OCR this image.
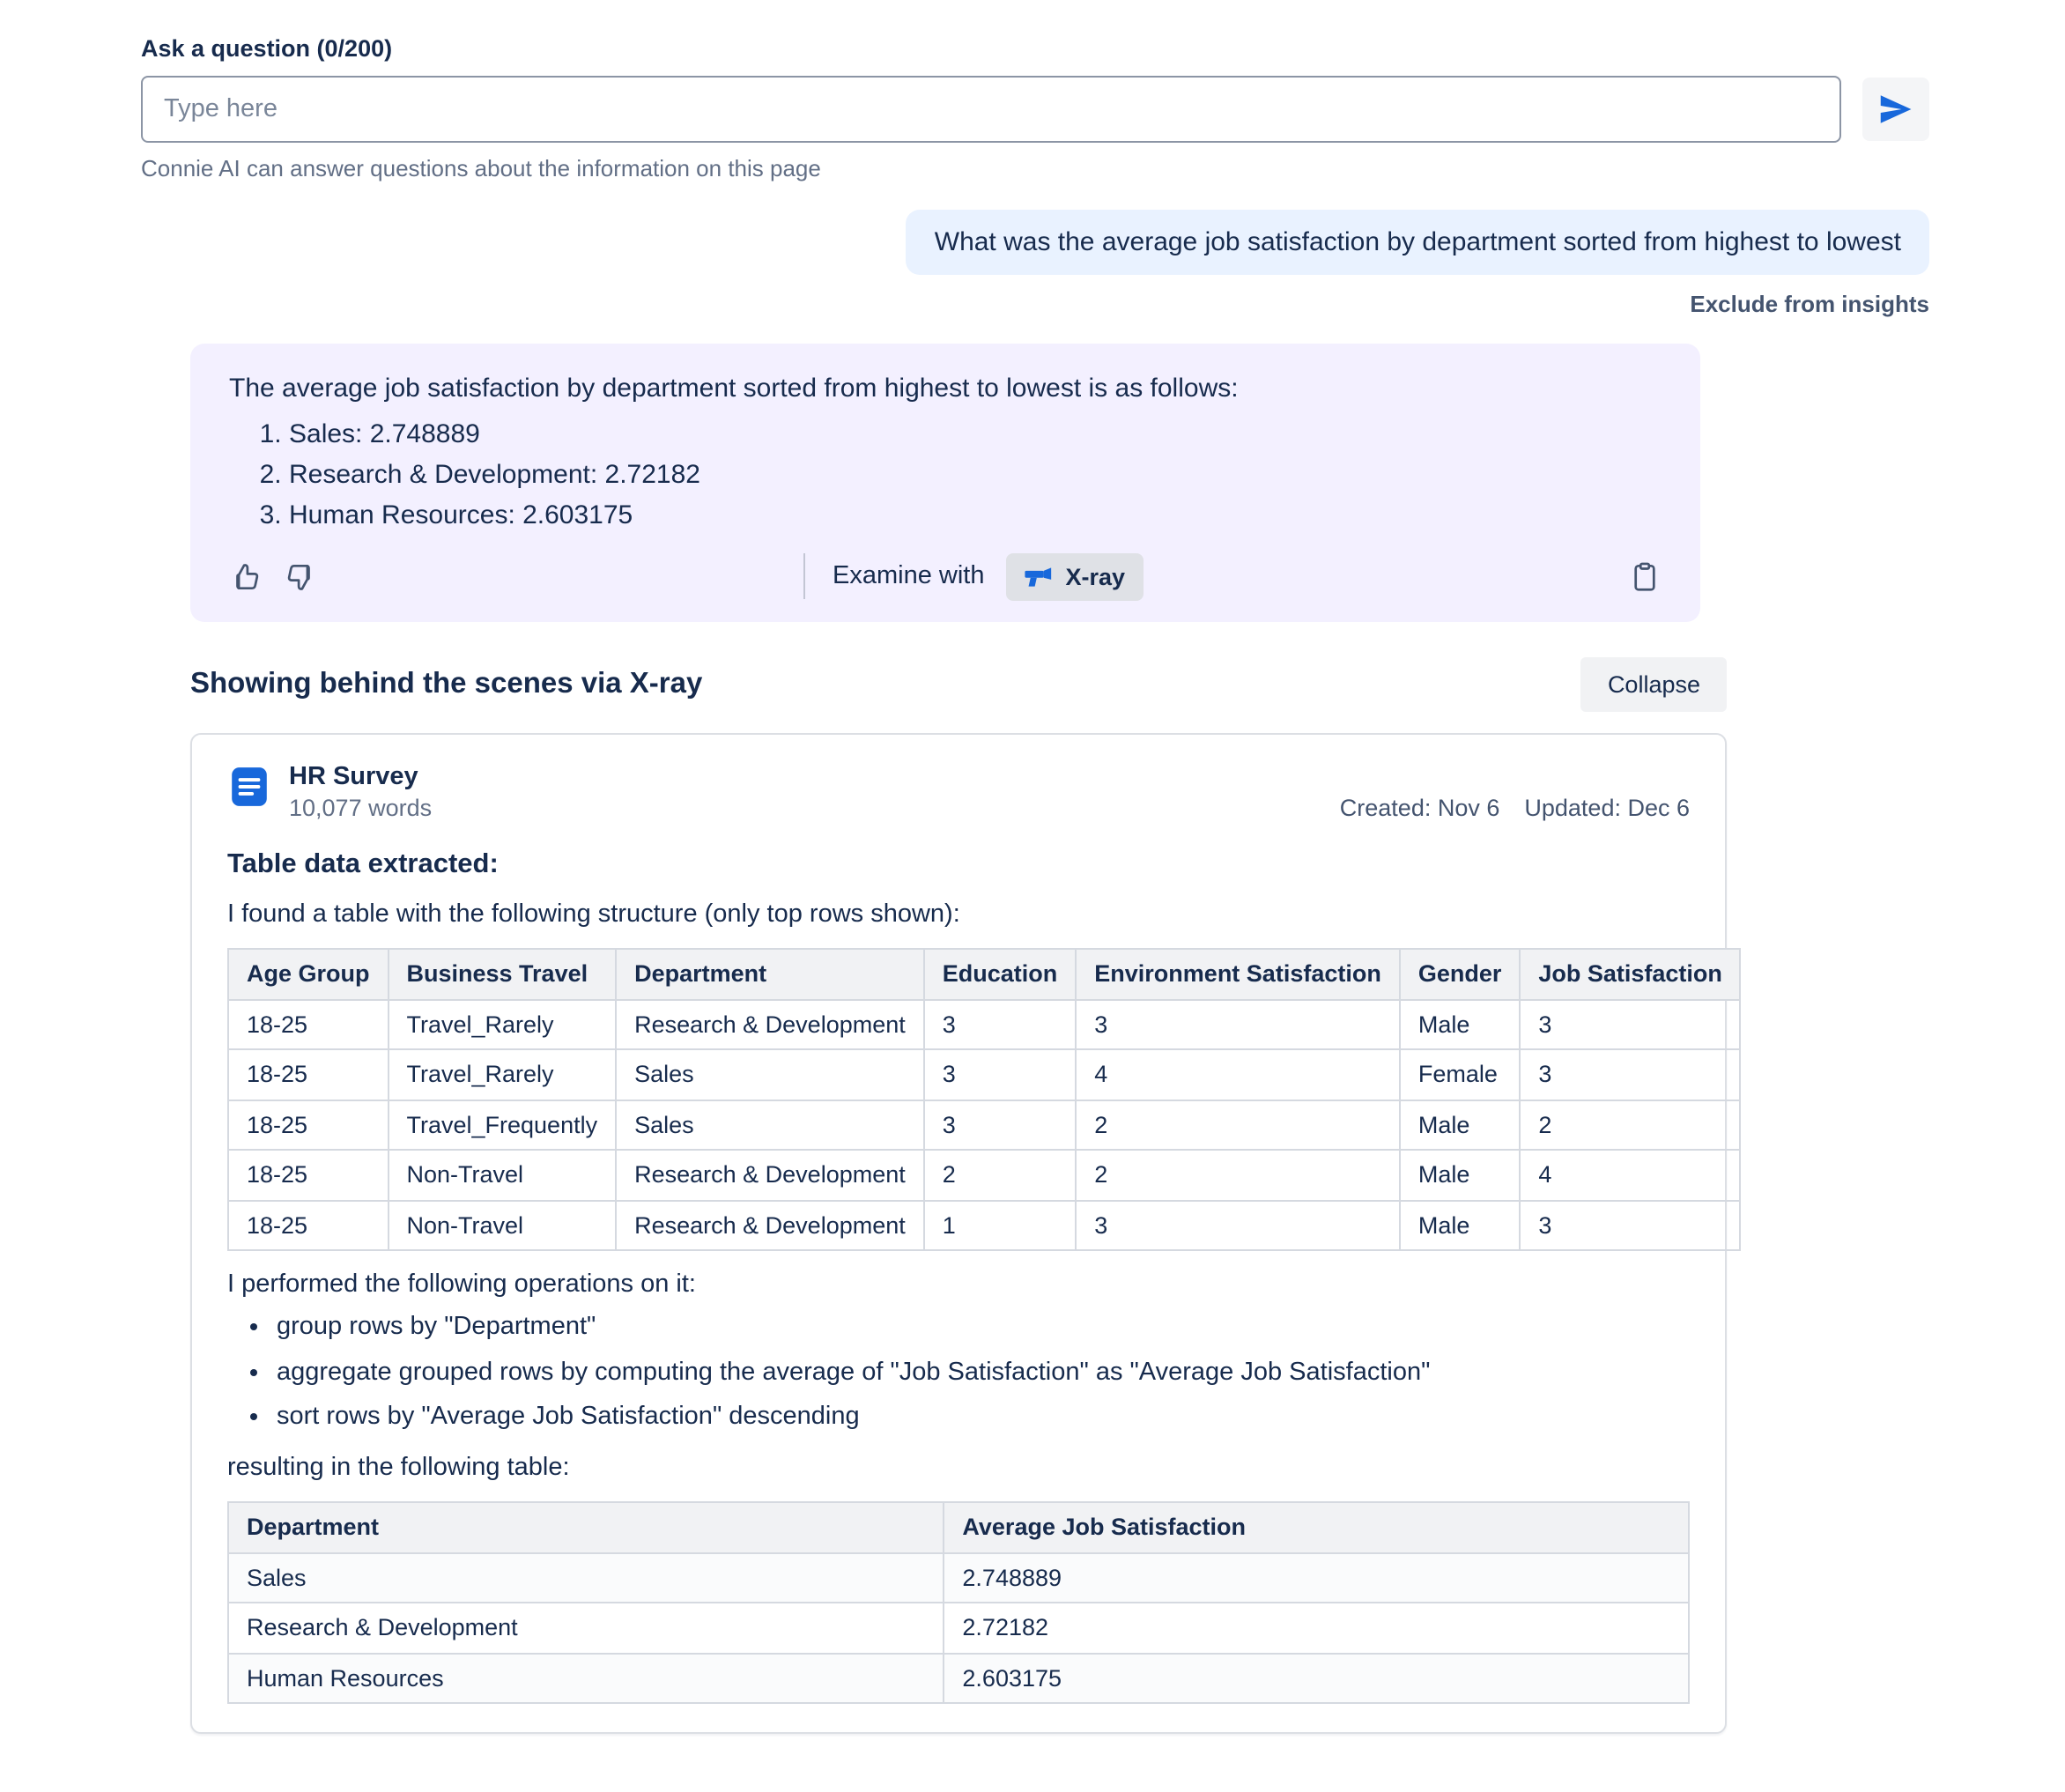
Ask a question (0/200)
Type here
Connie AI can answer questions about the information on this page
What was the average job satisfaction by department sorted from highest to lowest
Exclude from insights

The average job satisfaction by department sorted from highest to lowest is as follows:

1. Sales: 2.748889
2. Research & Development: 2.72182
3. Human Resources: 2.603175
Examine with	X-ray
Showing behind the scenes via X-ray	Collapse
HR Survey
10,077 words	Created: Nov 6 Updated: Dec 6
Table data extracted:

I found a table with the following structure (only top rows shown):

Age Group	Business Travel	Department	Education	Environment Satisfaction	Gender	Job Satisfaction
18-25	Travel_Rarely	Research & Development	3	3	Male	3
18-25	Travel_Rarely	Sales	3	4	Female	3
18-25	Travel_Frequently	Sales	3	2	Male	2
18-25	Non-Travel	Research & Development	2	2	Male	4
18-25	Non-Travel	Research & Development	1	3	Male	3

I performed the following operations on it:

• group rows by "Department"
• aggregate grouped rows by computing the average of "Job Satisfaction" as "Average Job Satisfaction"
• sort rows by "Average Job Satisfaction" descending

resulting in the following table:

Department	Average Job Satisfaction
Sales	2.748889
Research & Development	2.72182
Human Resources	2.603175
